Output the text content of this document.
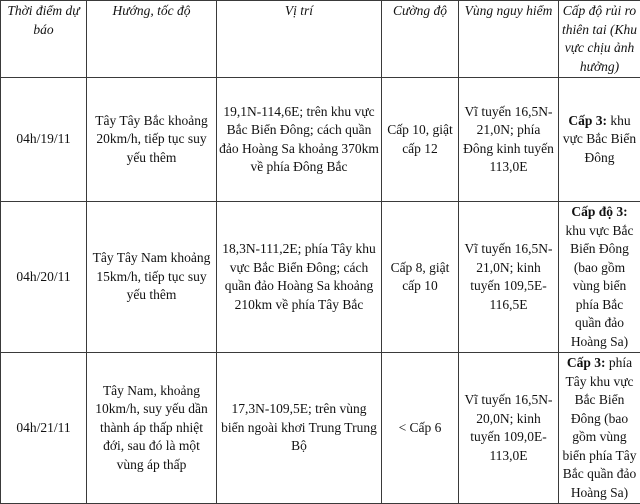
Thời điểm dự báo	Hướng, tốc độ	Vị trí	Cường độ	Vùng nguy hiểm	Cấp độ rủi ro thiên tai (Khu vực chịu ảnh hưởng)
04h/19/11	Tây Tây Bắc khoảng 20km/h, tiếp tục suy yếu thêm	19,1N-114,6E; trên khu vực Bắc Biển Đông; cách quần đảo Hoàng Sa khoảng 370km về phía Đông Bắc	Cấp 10, giật cấp 12	Vĩ tuyến 16,5N-21,0N; phía Đông kinh tuyến 113,0E	Cấp 3: khu vực Bắc Biển Đông

04h/20/11	Tây Tây Nam khoảng 15km/h, tiếp tục suy yếu thêm	18,3N-111,2E; phía Tây khu vực Bắc Biển Đông; cách quần đảo Hoàng Sa khoảng 210km về phía Tây Bắc	Cấp 8, giật cấp 10	Vĩ tuyến 16,5N-21,0N; kinh tuyến 109,5E-116,5E	Cấp độ 3: khu vực Bắc Biển Đông (bao gồm vùng biển phía Bắc quần đảo Hoàng Sa)

04h/21/11	Tây Nam, khoảng 10km/h, suy yếu dần thành áp thấp nhiệt đới, sau đó là một vùng áp thấp	17,3N-109,5E; trên vùng biển ngoài khơi Trung Trung Bộ	< Cấp 6	Vĩ tuyến 16,5N-20,0N; kinh tuyến 109,0E-113,0E	Cấp 3: phía Tây khu vực Bắc Biển Đông (bao gồm vùng biển phía Tây Bắc quần đảo Hoàng Sa)
